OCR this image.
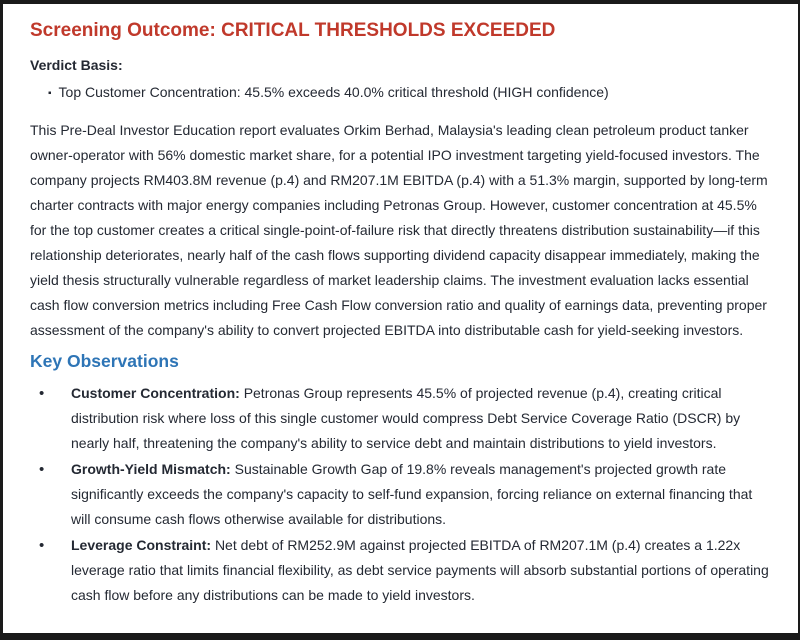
Screening Outcome: CRITICAL THRESHOLDS EXCEEDED
Verdict Basis:
▪ Top Customer Concentration: 45.5% exceeds 40.0% critical threshold (HIGH confidence)

This Pre-Deal Investor Education report evaluates Orkim Berhad, Malaysia's leading clean petroleum product tanker owner-operator with 56% domestic market share, for a potential IPO investment targeting yield-focused investors. The company projects RM403.8M revenue (p.4) and RM207.1M EBITDA (p.4) with a 51.3% margin, supported by long-term charter contracts with major energy companies including Petronas Group. However, customer concentration at 45.5% for the top customer creates a critical single-point-of-failure risk that directly threatens distribution sustainability—if this relationship deteriorates, nearly half of the cash flows supporting dividend capacity disappear immediately, making the yield thesis structurally vulnerable regardless of market leadership claims. The investment evaluation lacks essential cash flow conversion metrics including Free Cash Flow conversion ratio and quality of earnings data, preventing proper assessment of the company's ability to convert projected EBITDA into distributable cash for yield-seeking investors.

Key Observations
• Customer Concentration: Petronas Group represents 45.5% of projected revenue (p.4), creating critical distribution risk where loss of this single customer would compress Debt Service Coverage Ratio (DSCR) by nearly half, threatening the company's ability to service debt and maintain distributions to yield investors.
• Growth-Yield Mismatch: Sustainable Growth Gap of 19.8% reveals management's projected growth rate significantly exceeds the company's capacity to self-fund expansion, forcing reliance on external financing that will consume cash flows otherwise available for distributions.
• Leverage Constraint: Net debt of RM252.9M against projected EBITDA of RM207.1M (p.4) creates a 1.22x leverage ratio that limits financial flexibility, as debt service payments will absorb substantial portions of operating cash flow before any distributions can be made to yield investors.
